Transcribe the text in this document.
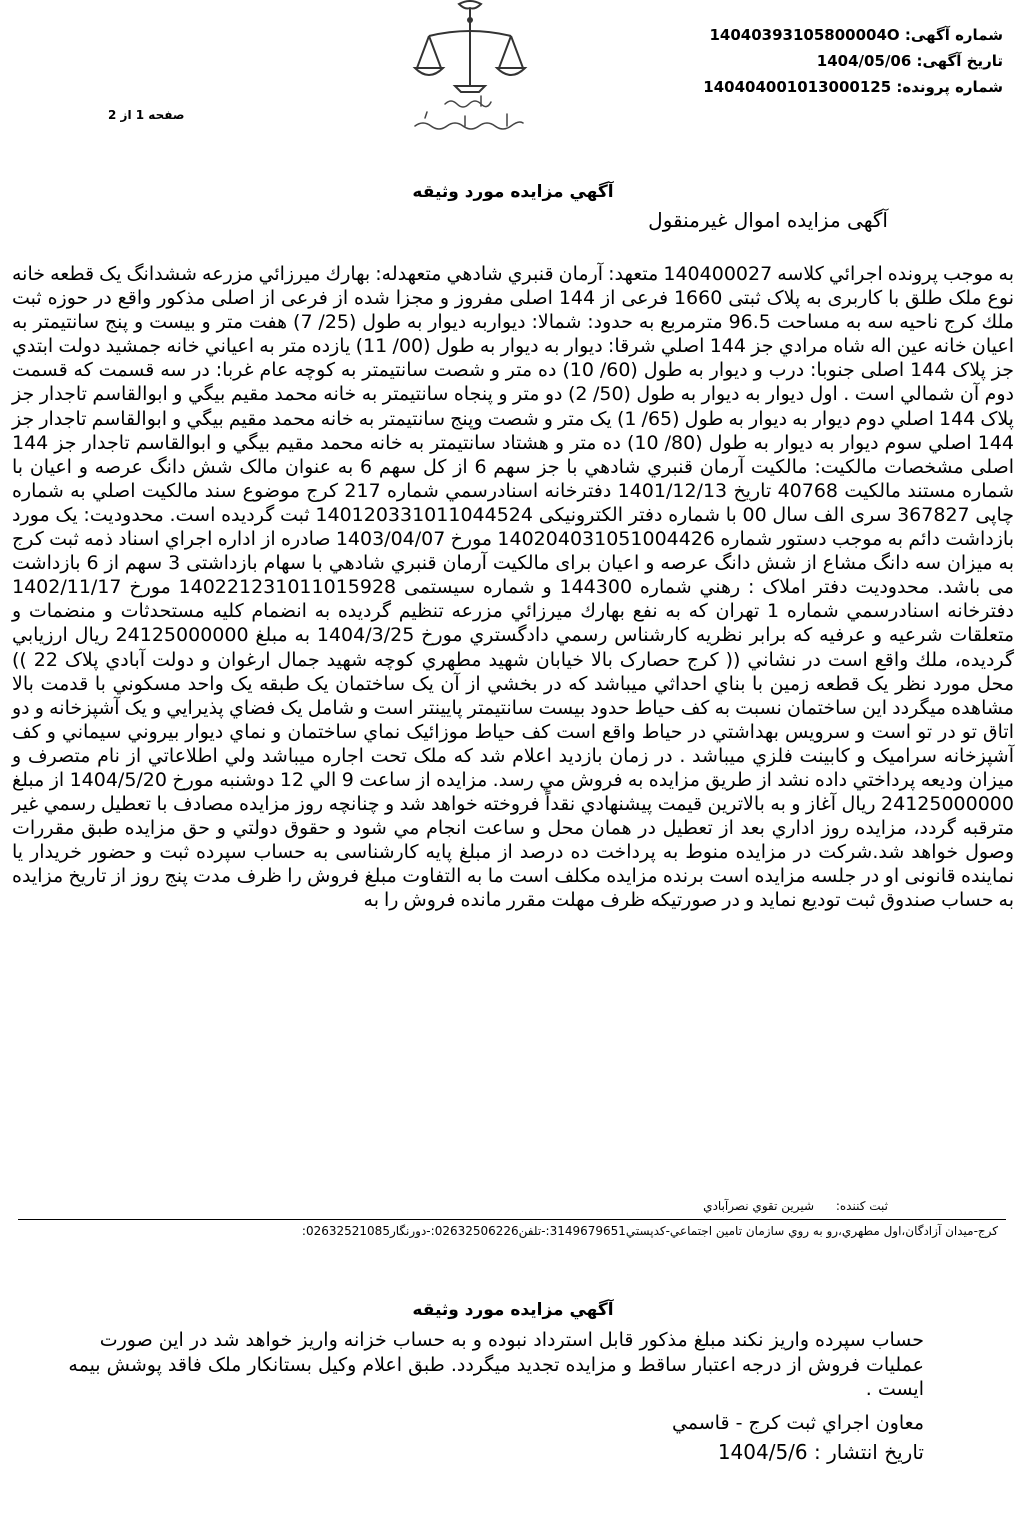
شماره آگهی: 14040393105800004O
تاریخ آگهی: 1404/05/06
شماره پرونده: 140404001013000125
صفحه 1 از 2
آگهي مزايده مورد وثيقه
آگهی مزایده اموال غیرمنقول

به موجب پرونده اجرائي كلاسه 140400027 متعهد: آرمان قنبري شادهي متعهدله: بهارك ميرزائي مزرعه ششدانگ يک قطعه خانه نوع ملک طلق با کاربری به پلاک ثبتی 1660 فرعی از 144 اصلی مفروز و مجزا شده از فرعی از اصلی مذکور واقع در حوزه ثبت ملك كرج ناحيه سه به مساحت 96.5 مترمربع به حدود: شمالا: ديواربه ديوار به طول (25/ 7) هفت متر و بيست و پنج سانتيمتر به اعيان خانه عين اله شاه مرادي جز 144 اصلي شرقا: ديوار به ديوار به طول (00/ 11) يازده متر به اعياني خانه جمشيد دولت ابتدي جز پلاک 144 اصلی جنوبا: درب و ديوار به طول (60/ 10) ده متر و شصت سانتيمتر به کوچه عام غربا: در سه قسمت که قسمت دوم آن شمالي است . اول ديوار به ديوار به طول (50/ 2) دو متر و پنجاه سانتيمتر به خانه محمد مقيم بيگي و ابوالقاسم تاجدار جز پلاک 144 اصلي دوم ديوار به ديوار به طول (65/ 1) يک متر و شصت وپنج سانتيمتر به خانه محمد مقيم بيگي و ابوالقاسم تاجدار جز 144 اصلي سوم ديوار به ديوار به طول (80/ 10) ده متر و هشتاد سانتيمتر به خانه محمد مقيم بيگي و ابوالقاسم تاجدار جز 144 اصلی مشخصات مالکيت: مالکيت آرمان قنبري شادهي با جز سهم 6 از کل سهم 6 به عنوان مالک شش دانگ عرصه و اعيان با شماره مستند مالکيت 40768 تاريخ 1401/12/13 دفترخانه اسنادرسمي شماره 217 كرج موضوع سند مالکيت اصلي به شماره چاپی 367827 سری الف سال 00 با شماره دفتر الکترونیکی 140120331011044524 ثبت گرديده است. محدوديت: يک مورد بازداشت دائم به موجب دستور شماره 140204031051004426 مورخ 1403/04/07 صادره از اداره اجراي اسناد ذمه ثبت کرج به ميزان سه دانگ مشاع از شش دانگ عرصه و اعيان برای مالکيت آرمان قنبري شادهي با سهام بازداشتی 3 سهم از 6 بازداشت می باشد. محدوديت دفتر املاک : رهني شماره 144300 و شماره سيستمی 140221231011015928 مورخ 1402/11/17 دفترخانه اسنادرسمي شماره 1 تهران كه به نفع بهارك ميرزائي مزرعه تنظيم گرديده به انضمام كليه مستحدثات و منضمات و متعلقات شرعيه و عرفيه كه برابر نظريه كارشناس رسمي دادگستري مورخ 1404/3/25 به مبلغ 24125000000 ريال ارزيابي گرديده، ملك واقع است در نشاني (( كرج حصارک بالا خيابان شهيد مطهري کوچه شهيد جمال ارغوان و دولت آبادي پلاک 22 )) محل مورد نظر يک قطعه زمين با بناي احداثي ميباشد که در بخشي از آن يک ساختمان يک طبقه يک واحد مسکوني با قدمت بالا مشاهده ميگردد اين ساختمان نسبت به کف حياط حدود بيست سانتيمتر پايينتر است و شامل يک فضاي پذيرايي و يک آشپزخانه و دو اتاق تو در تو است و سرويس بهداشتي در حياط واقع است کف حياط موزائيک نماي ساختمان و نماي ديوار بيروني سيماني و کف آشپزخانه سراميک و کابينت فلزي ميباشد . در زمان بازديد اعلام شد که ملک تحت اجاره ميباشد ولي اطلاعاتي از نام متصرف و ميزان وديعه پرداختي داده نشد از طريق مزايده به فروش مي رسد. مزايده از ساعت 9 الي 12 دوشنبه مورخ 1404/5/20 از مبلغ 24125000000 ريال آغاز و به بالاترين قيمت پيشنهادي نقداً فروخته خواهد شد و چنانچه روز مزايده مصادف با تعطيل رسمي غير مترقبه گردد، مزايده روز اداري بعد از تعطيل در همان محل و ساعت انجام مي شود و حقوق دولتي و حق مزايده طبق مقررات وصول خواهد شد.شرکت در مزايده منوط به پرداخت ده درصد از مبلغ پايه کارشناسی به حساب سپرده ثبت و حضور خريدار يا نماينده قانونی او در جلسه مزايده است برنده مزايده مکلف است ما به التفاوت مبلغ فروش را ظرف مدت پنج روز از تاريخ مزايده به حساب صندوق ثبت توديع نمايد و در صورتيکه ظرف مهلت مقرر مانده فروش را به

ثبت كننده: شيرين تقوي نصرآبادي
كرج-ميدان آزادگان،اول مطهري،رو به روي سازمان تامين اجتماعي-كدپستي3149679651:-تلفن02632506226:-دورنگار02632521085:
آگهي مزايده مورد وثيقه

حساب سپرده واریز نکند مبلغ مذکور قابل استرداد نبوده و به حساب خزانه واریز خواهد شد در این صورت عملیات فروش از درجه اعتبار ساقط و مزایده تجدید میگردد. طبق اعلام وکیل بستانکار ملک فاقد پوشش بیمه ایست .

معاون اجراي ثبت كرج - قاسمي
تاريخ انتشار : 1404/5/6
